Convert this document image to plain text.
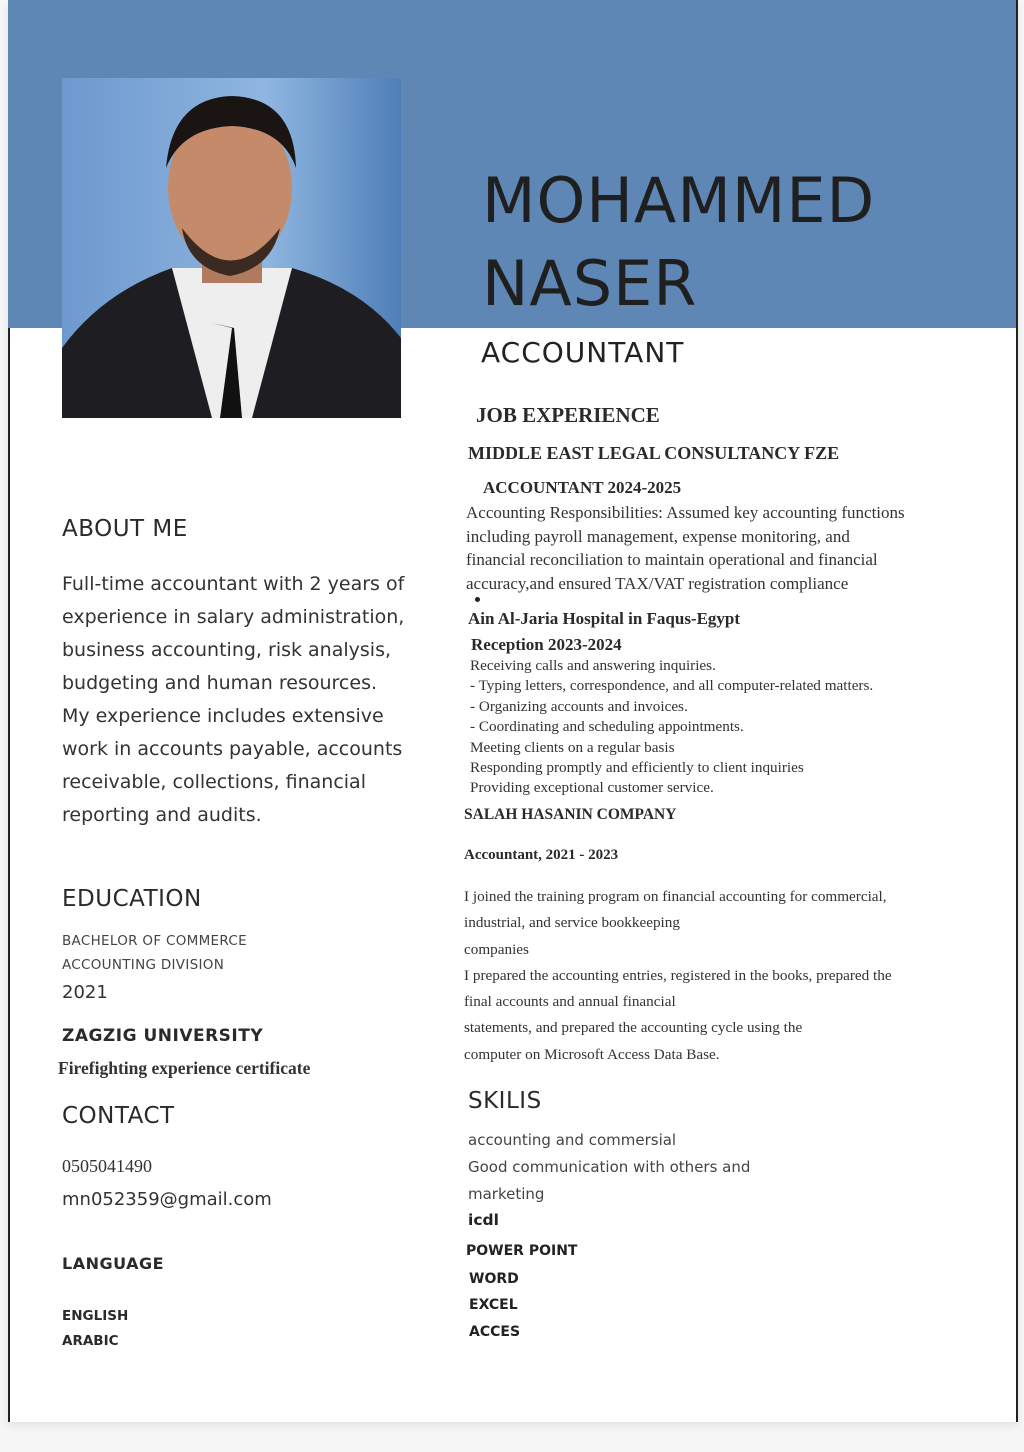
MOHAMMED
NASER
ACCOUNTANT
ABOUT ME
Full-time accountant with 2 years of experience in salary administration, business accounting, risk analysis, budgeting and human resources. My experience includes extensive work in accounts payable, accounts receivable, collections, financial reporting and audits.
EDUCATION
BACHELOR OF COMMERCE
ACCOUNTING DIVISION
2021
ZAGZIG UNIVERSITY
Firefighting experience certificate
CONTACT
0505041490
mn052359@gmail.com
LANGUAGE
ENGLISH
ARABIC
JOB EXPERIENCE
MIDDLE EAST LEGAL CONSULTANCY FZE
ACCOUNTANT 2024-2025
Accounting Responsibilities: Assumed key accounting functions
including payroll management, expense monitoring, and
financial reconciliation to maintain operational and financial
accuracy,and ensured TAX/VAT registration compliance
Ain Al-Jaria Hospital in Faqus-Egypt
Reception 2023-2024
Receiving calls and answering inquiries.
- Typing letters, correspondence, and all computer-related matters.
- Organizing accounts and invoices.
- Coordinating and scheduling appointments.
Meeting clients on a regular basis
Responding promptly and efficiently to client inquiries
Providing exceptional customer service.
SALAH HASANIN COMPANY
Accountant, 2021 - 2023
I joined the training program on financial accounting for commercial,
industrial, and service bookkeeping
companies
I prepared the accounting entries, registered in the books, prepared the
final accounts and annual financial
statements, and prepared the accounting cycle using the
computer on Microsoft Access Data Base.
SKILIS
accounting and commersial
Good communication with others and
marketing
icdl
POWER POINT
WORD
EXCEL
ACCES
